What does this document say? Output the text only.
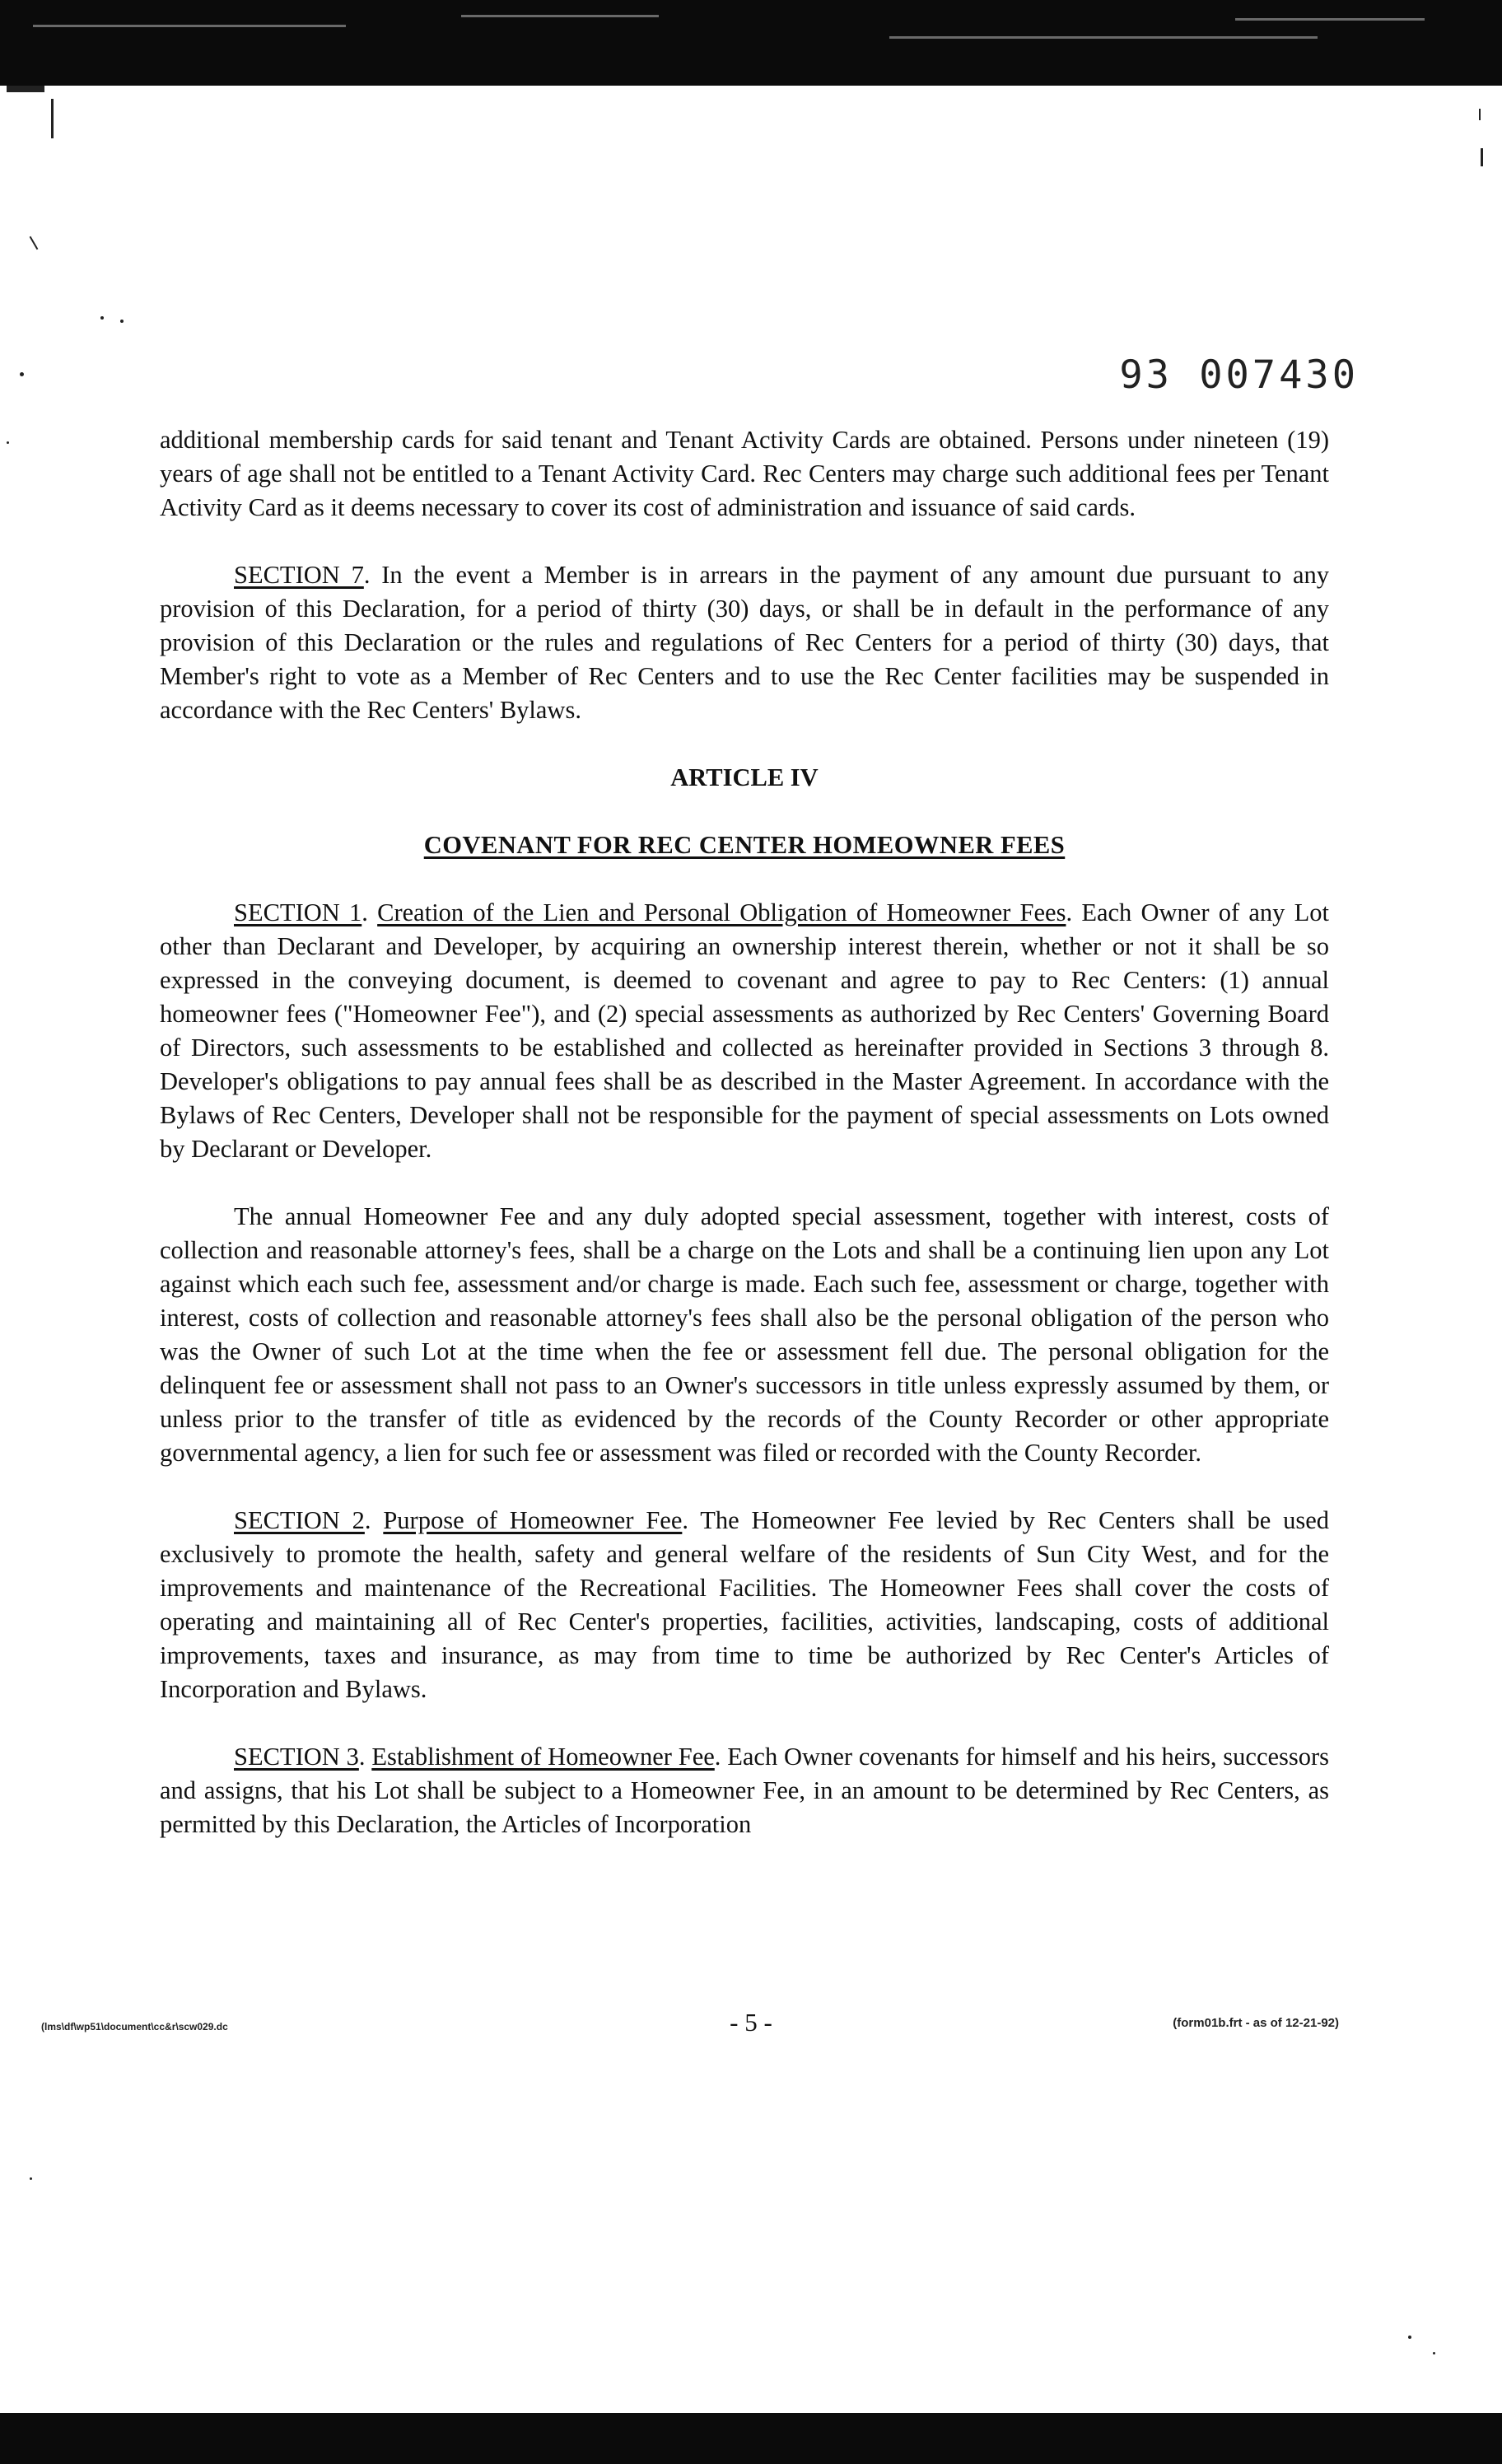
93 007430

additional membership cards for said tenant and Tenant Activity Cards are obtained. Persons under nineteen (19) years of age shall not be entitled to a Tenant Activity Card. Rec Centers may charge such additional fees per Tenant Activity Card as it deems necessary to cover its cost of administration and issuance of said cards.

SECTION 7. In the event a Member is in arrears in the payment of any amount due pursuant to any provision of this Declaration, for a period of thirty (30) days, or shall be in default in the performance of any provision of this Declaration or the rules and regulations of Rec Centers for a period of thirty (30) days, that Member's right to vote as a Member of Rec Centers and to use the Rec Center facilities may be suspended in accordance with the Rec Centers' Bylaws.

ARTICLE IV
COVENANT FOR REC CENTER HOMEOWNER FEES

SECTION 1. Creation of the Lien and Personal Obligation of Homeowner Fees. Each Owner of any Lot other than Declarant and Developer, by acquiring an ownership interest therein, whether or not it shall be so expressed in the conveying document, is deemed to covenant and agree to pay to Rec Centers: (1) annual homeowner fees ("Homeowner Fee"), and (2) special assessments as authorized by Rec Centers' Governing Board of Directors, such assessments to be established and collected as hereinafter provided in Sections 3 through 8. Developer's obligations to pay annual fees shall be as described in the Master Agreement. In accordance with the Bylaws of Rec Centers, Developer shall not be responsible for the payment of special assessments on Lots owned by Declarant or Developer.

The annual Homeowner Fee and any duly adopted special assessment, together with interest, costs of collection and reasonable attorney's fees, shall be a charge on the Lots and shall be a continuing lien upon any Lot against which each such fee, assessment and/or charge is made. Each such fee, assessment or charge, together with interest, costs of collection and reasonable attorney's fees shall also be the personal obligation of the person who was the Owner of such Lot at the time when the fee or assessment fell due. The personal obligation for the delinquent fee or assessment shall not pass to an Owner's successors in title unless expressly assumed by them, or unless prior to the transfer of title as evidenced by the records of the County Recorder or other appropriate governmental agency, a lien for such fee or assessment was filed or recorded with the County Recorder.

SECTION 2. Purpose of Homeowner Fee. The Homeowner Fee levied by Rec Centers shall be used exclusively to promote the health, safety and general welfare of the residents of Sun City West, and for the improvements and maintenance of the Recreational Facilities. The Homeowner Fees shall cover the costs of operating and maintaining all of Rec Center's properties, facilities, activities, landscaping, costs of additional improvements, taxes and insurance, as may from time to time be authorized by Rec Center's Articles of Incorporation and Bylaws.

SECTION 3. Establishment of Homeowner Fee. Each Owner covenants for himself and his heirs, successors and assigns, that his Lot shall be subject to a Homeowner Fee, in an amount to be determined by Rec Centers, as permitted by this Declaration, the Articles of Incorporation

(lms\df\wp51\document\cc&r\scw029.dc	- 5 -	(form01b.frt - as of 12-21-92)
